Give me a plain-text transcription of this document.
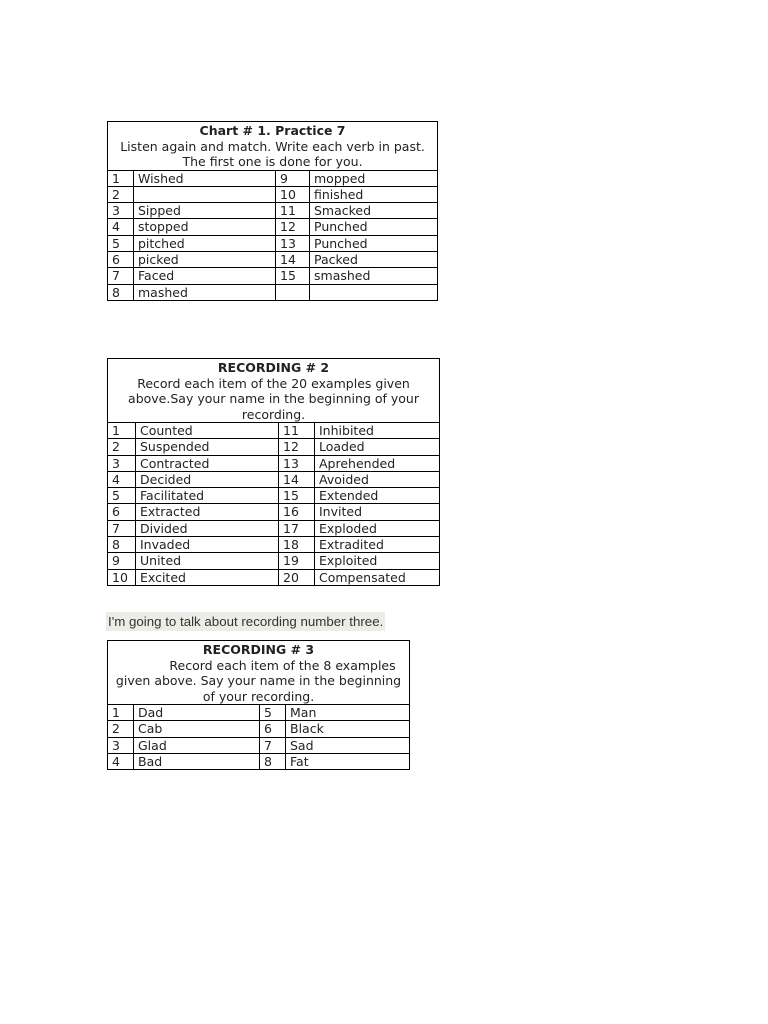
Chart # 1. Practice 7
Listen again and match. Write each verb in past. The first one is done for you.			

1	Wished	9	mopped
2		10	finished
3	Sipped	11	Smacked
4	stopped	12	Punched
5	pitched	13	Punched
6	picked	14	Packed
7	Faced	15	smashed
8	mashed		
RECORDING # 2
Record each item of the 20 examples given above.Say your name in the beginning of your recording.			

1	Counted	11	Inhibited
2	Suspended	12	Loaded
3	Contracted	13	Aprehended
4	Decided	14	Avoided
5	Facilitated	15	Extended
6	Extracted	16	Invited
7	Divided	17	Exploded
8	Invaded	18	Extradited
9	United	19	Exploited
10	Excited	20	Compensated
I'm going to talk about recording number three.
RECORDING # 3
Record each item of the 8 examples given above. Say your name in the beginning of your recording.			

1	Dad	5	Man
2	Cab	6	Black
3	Glad	7	Sad
4	Bad	8	Fat
